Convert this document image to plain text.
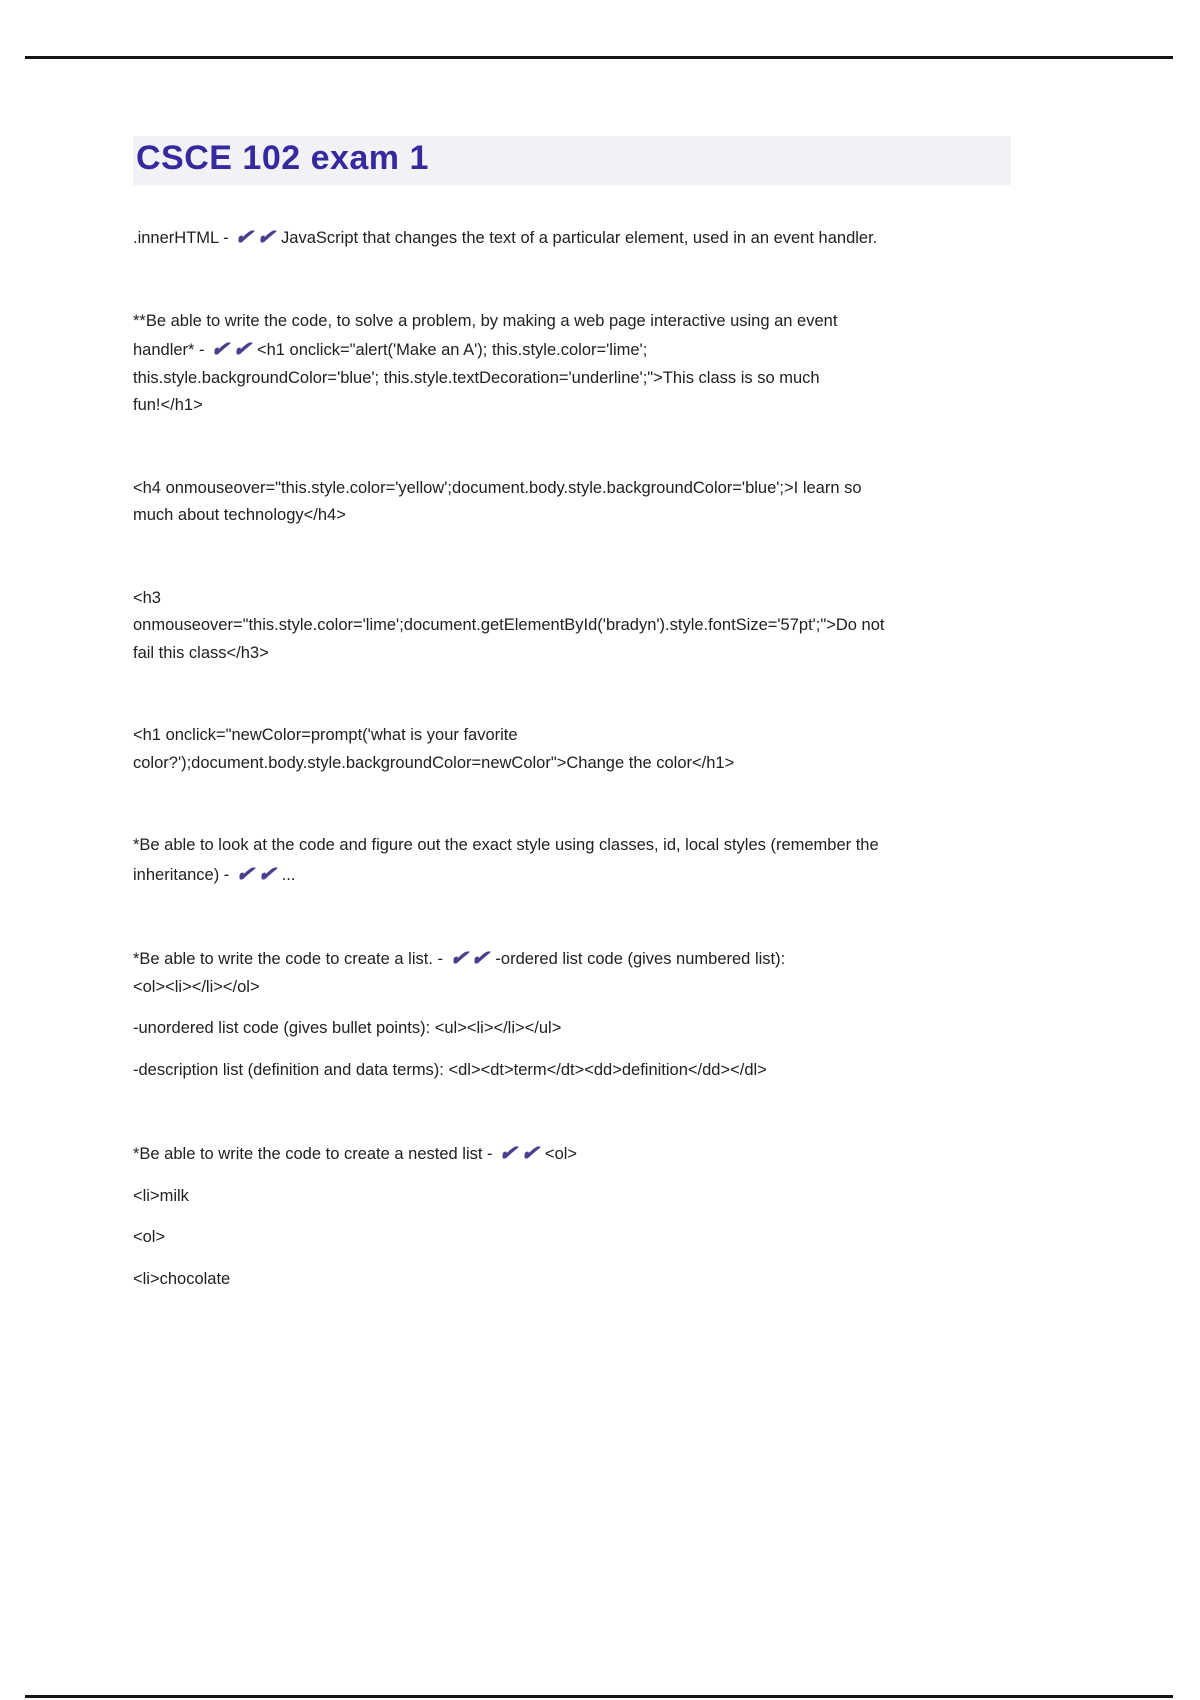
CSCE 102 exam 1
.innerHTML - ✔✔ JavaScript that changes the text of a particular element, used in an event handler.
**Be able to write the code, to solve a problem, by making a web page interactive using an event
handler* - ✔✔ <h1 onclick="alert('Make an A'); this.style.color='lime';
this.style.backgroundColor='blue'; this.style.textDecoration='underline';">This class is so much
fun!</h1>
<h4 onmouseover="this.style.color='yellow';document.body.style.backgroundColor='blue';>I learn so
much about technology</h4>
<h3
onmouseover="this.style.color='lime';document.getElementById('bradyn').style.fontSize='57pt';">Do not
fail this class</h3>
<h1 onclick="newColor=prompt('what is your favorite
color?');document.body.style.backgroundColor=newColor">Change the color</h1>
*Be able to look at the code and figure out the exact style using classes, id, local styles (remember the
inheritance) - ✔✔ ...
*Be able to write the code to create a list. - ✔✔ -ordered list code (gives numbered list):
<ol><li></li></ol>
-unordered list code (gives bullet points): <ul><li></li></ul>
-description list (definition and data terms): <dl><dt>term</dt><dd>definition</dd></dl>
*Be able to write the code to create a nested list - ✔✔ <ol>
<li>milk
<ol>
<li>chocolate
